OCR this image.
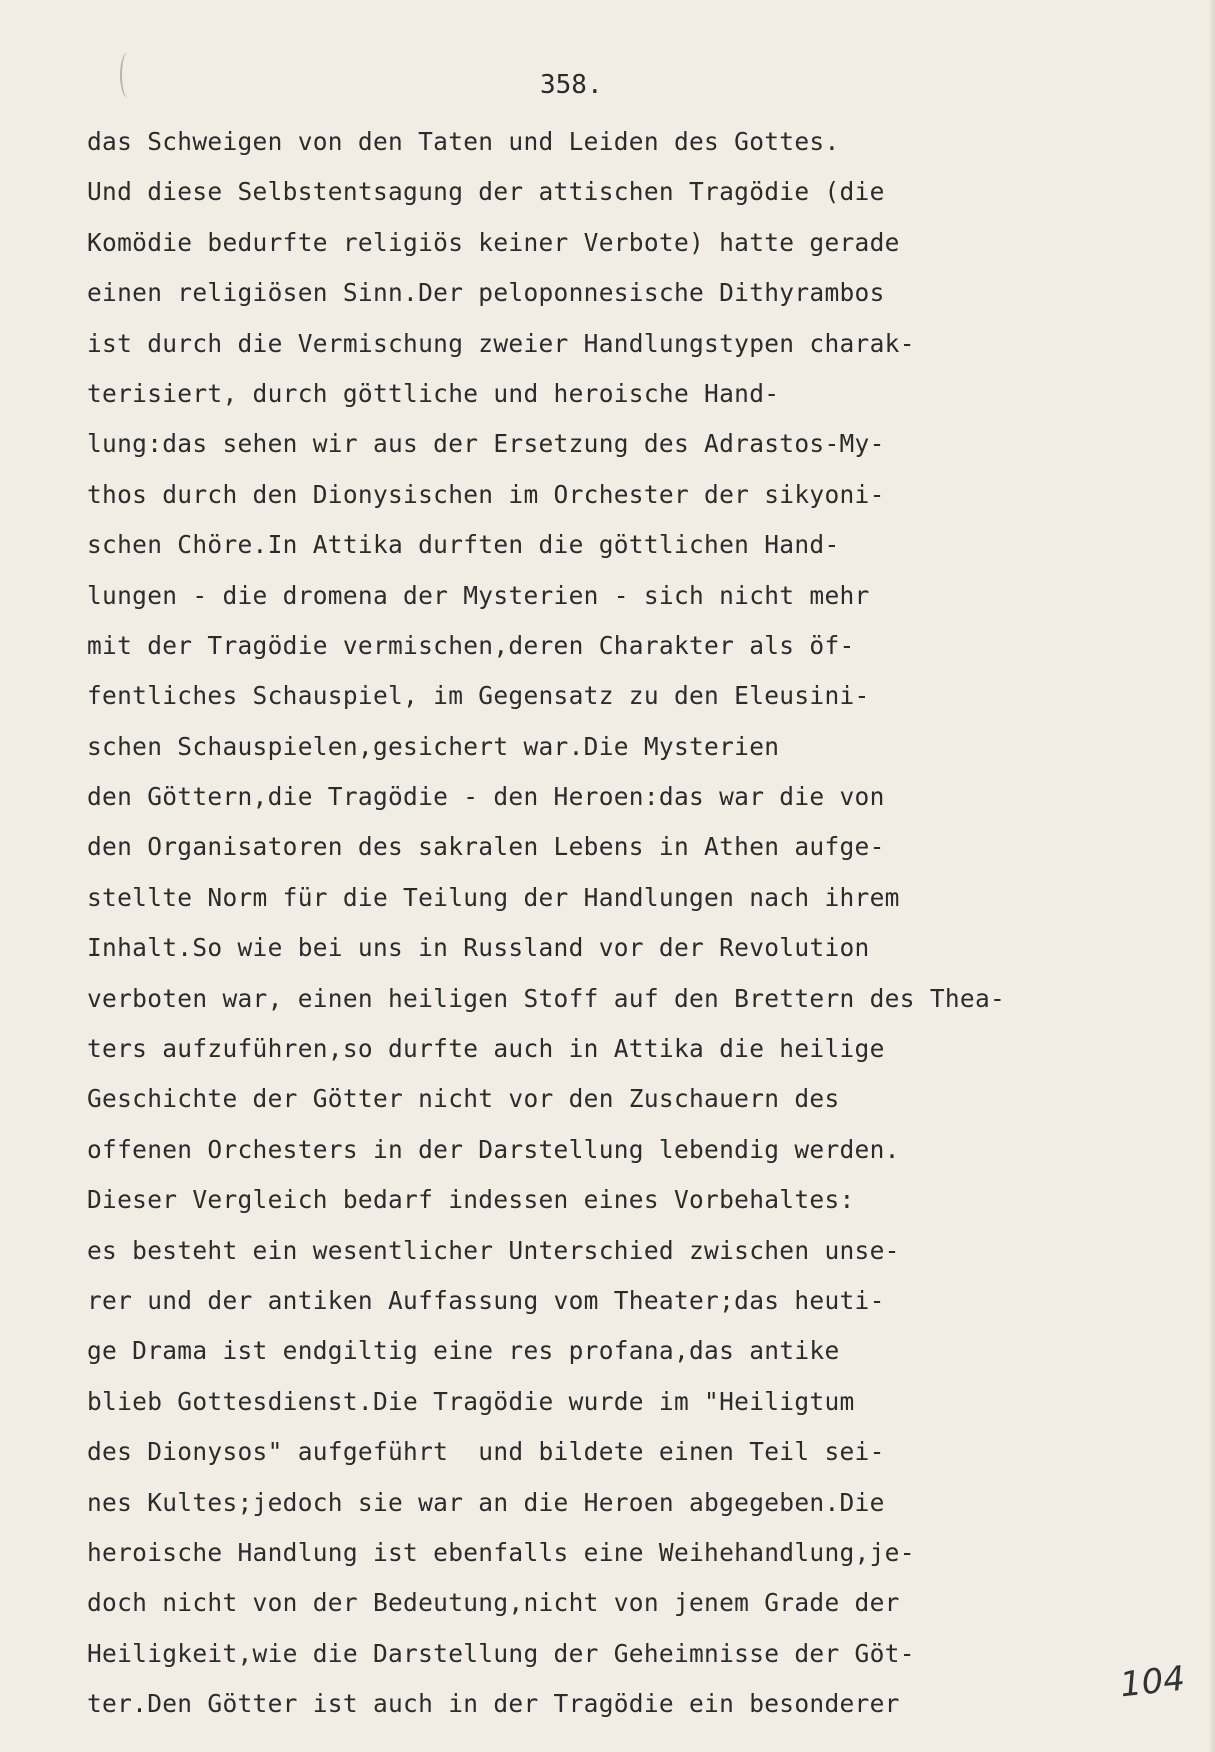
358.
das Schweigen von den Taten und Leiden des Gottes.
Und diese Selbstentsagung der attischen Tragödie (die
Komödie bedurfte religiös keiner Verbote) hatte gerade
einen religiösen Sinn.Der peloponnesische Dithyrambos
ist durch die Vermischung zweier Handlungstypen charak-
terisiert, durch göttliche und heroische Hand-
lung:das sehen wir aus der Ersetzung des Adrastos-My-
thos durch den Dionysischen im Orchester der sikyoni-
schen Chöre.In Attika durften die göttlichen Hand-
lungen - die dromena der Mysterien - sich nicht mehr
mit der Tragödie vermischen,deren Charakter als öf-
fentliches Schauspiel, im Gegensatz zu den Eleusini-
schen Schauspielen,gesichert war.Die Mysterien
den Göttern,die Tragödie - den Heroen:das war die von
den Organisatoren des sakralen Lebens in Athen aufge-
stellte Norm für die Teilung der Handlungen nach ihrem
Inhalt.So wie bei uns in Russland vor der Revolution
verboten war, einen heiligen Stoff auf den Brettern des Thea-
ters aufzuführen,so durfte auch in Attika die heilige
Geschichte der Götter nicht vor den Zuschauern des
offenen Orchesters in der Darstellung lebendig werden.
Dieser Vergleich bedarf indessen eines Vorbehaltes:
es besteht ein wesentlicher Unterschied zwischen unse-
rer und der antiken Auffassung vom Theater;das heuti-
ge Drama ist endgiltig eine res profana,das antike
blieb Gottesdienst.Die Tragödie wurde im "Heiligtum
des Dionysos" aufgeführt  und bildete einen Teil sei-
nes Kultes;jedoch sie war an die Heroen abgegeben.Die
heroische Handlung ist ebenfalls eine Weihehandlung,je-
doch nicht von der Bedeutung,nicht von jenem Grade der
Heiligkeit,wie die Darstellung der Geheimnisse der Göt-
ter.Den Götter ist auch in der Tragödie ein besonderer	104
